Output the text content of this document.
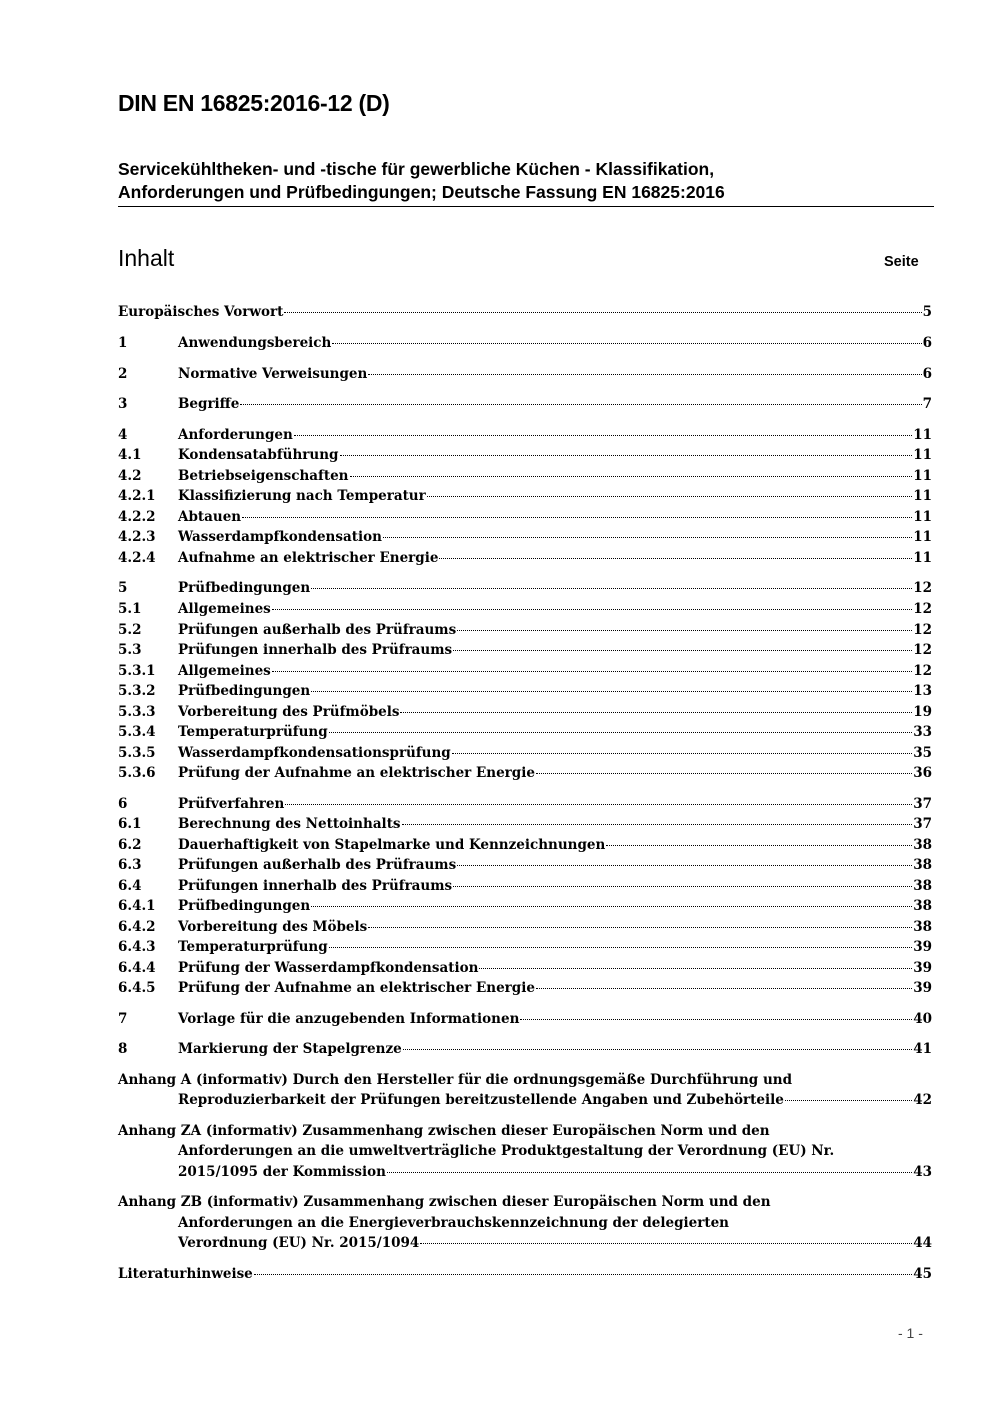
DIN EN 16825:2016-12 (D)
Servicekühltheken- und -tische für gewerbliche Küchen - Klassifikation,
Anforderungen und Prüfbedingungen; Deutsche Fassung EN 16825:2016
Inhalt	Seite
Europäisches Vorwort	5
1	Anwendungsbereich	6
2	Normative Verweisungen	6
3	Begriffe	7
4	Anforderungen	11
4.1	Kondensatabführung	11
4.2	Betriebseigenschaften	11
4.2.1	Klassifizierung nach Temperatur	11
4.2.2	Abtauen	11
4.2.3	Wasserdampfkondensation	11
4.2.4	Aufnahme an elektrischer Energie	11
5	Prüfbedingungen	12
5.1	Allgemeines	12
5.2	Prüfungen außerhalb des Prüfraums	12
5.3	Prüfungen innerhalb des Prüfraums	12
5.3.1	Allgemeines	12
5.3.2	Prüfbedingungen	13
5.3.3	Vorbereitung des Prüfmöbels	19
5.3.4	Temperaturprüfung	33
5.3.5	Wasserdampfkondensationsprüfung	35
5.3.6	Prüfung der Aufnahme an elektrischer Energie	36
6	Prüfverfahren	37
6.1	Berechnung des Nettoinhalts	37
6.2	Dauerhaftigkeit von Stapelmarke und Kennzeichnungen	38
6.3	Prüfungen außerhalb des Prüfraums	38
6.4	Prüfungen innerhalb des Prüfraums	38
6.4.1	Prüfbedingungen	38
6.4.2	Vorbereitung des Möbels	38
6.4.3	Temperaturprüfung	39
6.4.4	Prüfung der Wasserdampfkondensation	39
6.4.5	Prüfung der Aufnahme an elektrischer Energie	39
7	Vorlage für die anzugebenden Informationen	40
8	Markierung der Stapelgrenze	41
Anhang A (informativ) Durch den Hersteller für die ordnungsgemäße Durchführung und
Reproduzierbarkeit der Prüfungen bereitzustellende Angaben und Zubehörteile	42
Anhang ZA (informativ) Zusammenhang zwischen dieser Europäischen Norm und den
Anforderungen an die umweltverträgliche Produktgestaltung der Verordnung (EU) Nr.
2015/1095 der Kommission	43
Anhang ZB (informativ) Zusammenhang zwischen dieser Europäischen Norm und den
Anforderungen an die Energieverbrauchskennzeichnung der delegierten
Verordnung (EU) Nr. 2015/1094	44
Literaturhinweise	45
- 1 -
